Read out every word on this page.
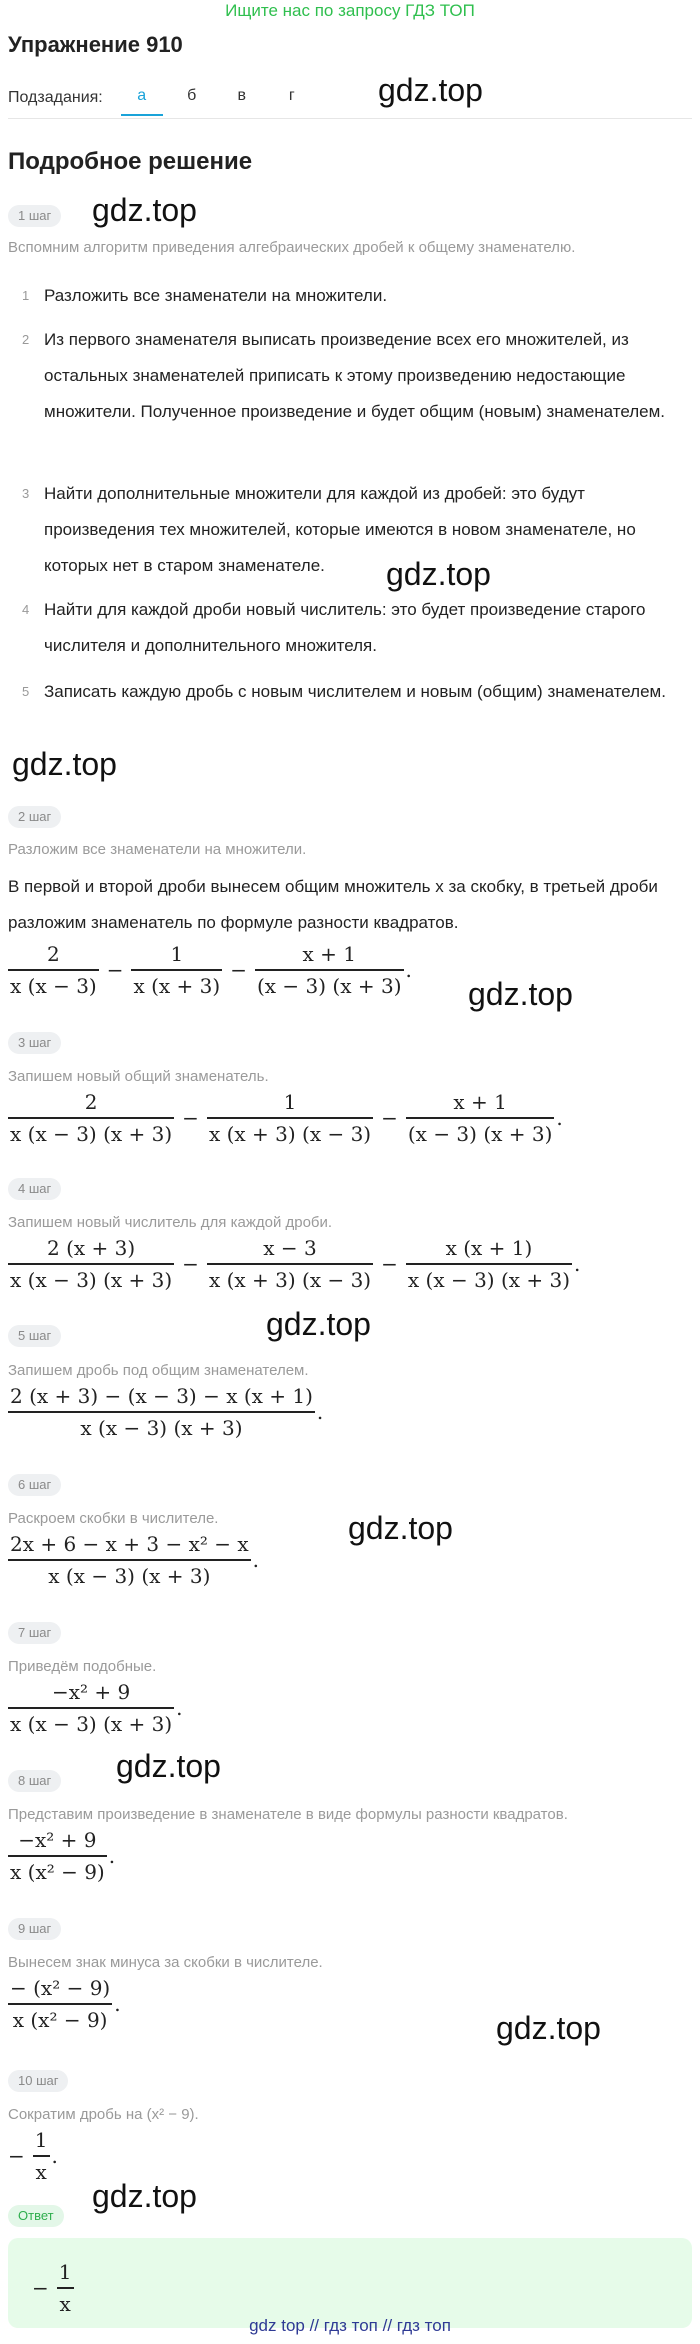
Ищите нас по запросу ГДЗ ТОП
Упражнение 910
Подзадания:	а	б	в	г	gdz.top
gdz.top
gdz.top
gdz.top
gdz.top
gdz.top
gdz.top
gdz.top
gdz.top
gdz.top
Подробное решение
1 шаг
Вспомним алгоритм приведения алгебраических дробей к общему знаменателю.
1 Разложить все знаменатели на множители.
2 Из первого знаменателя выписать произведение всех его множителей, из остальных знаменателей приписать к этому произведению недостающие множители. Полученное произведение и будет общим (новым) знаменателем.
3 Найти дополнительные множители для каждой из дробей: это будут произведения тех множителей, которые имеются в новом знаменателе, но которых нет в старом знаменателе.
4 Найти для каждой дроби новый числитель: это будет произведение старого числителя и дополнительного множителя.
5 Записать каждую дробь с новым числителем и новым (общим) знаменателем.
2 шаг
Разложим все знаменатели на множители.
В первой и второй дроби вынесем общим множитель x за скобку, в третьей дроби разложим знаменатель по формуле разности квадратов.
$\frac{2}{x (x - 3)} - \frac{1}{x (x + 3)} - \frac{x + 1}{(x - 3) (x + 3)}$ .
3 шаг
Запишем новый общий знаменатель.
$\frac{2}{x (x - 3) (x + 3)} - \frac{1}{x (x + 3) (x - 3)} - \frac{x + 1}{(x - 3) (x + 3)}$ .
4 шаг
Запишем новый числитель для каждой дроби.
$\frac{2 (x + 3)}{x (x - 3) (x + 3)} - \frac{x - 3}{x (x + 3) (x - 3)} - \frac{x (x + 1)}{x (x - 3) (x + 3)}$ .
5 шаг
Запишем дробь под общим знаменателем.
$\frac{2 (x + 3) - (x - 3) - x (x + 1)}{x (x - 3) (x + 3)}$ .
6 шаг
Раскроем скобки в числителе.
$\frac{\text{2x + 6 − x + 3 − x² − x}}{x (x - 3) (x + 3)}$ .
7 шаг
Приведём подобные.
$\frac{\text{−x² + 9}}{x (x - 3) (x + 3)}$ .
8 шаг
Представим произведение в знаменателе в виде формулы разности квадратов.
$\frac{\text{−x² + 9}}{\text{x (x² − 9)}}$ .
9 шаг
Вынесем знак минуса за скобки в числителе.
$\frac{\text{− (x² − 9)}}{\text{x (x² − 9)}}$ .
10 шаг
Сократим дробь на (x² − 9).
− $\frac{1}{x}$ .
Ответ
− $\frac{1}{x}$
gdz top // гдз топ // гдз топ
